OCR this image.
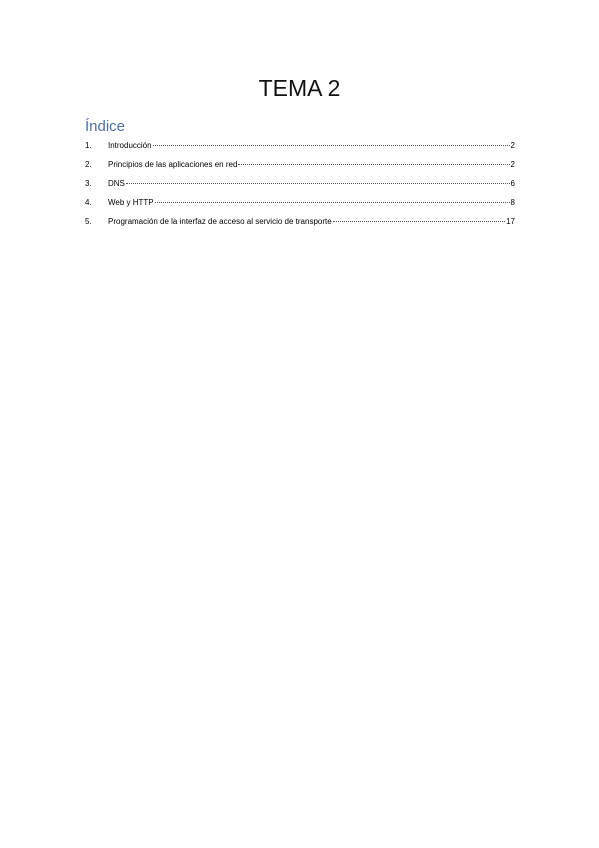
TEMA 2
Índice
1.	Introducción	2
2.	Principios de las aplicaciones en red	2
3.	DNS	6
4.	Web y HTTP	8
5.	Programación de la interfaz de acceso al servicio de transporte	17
